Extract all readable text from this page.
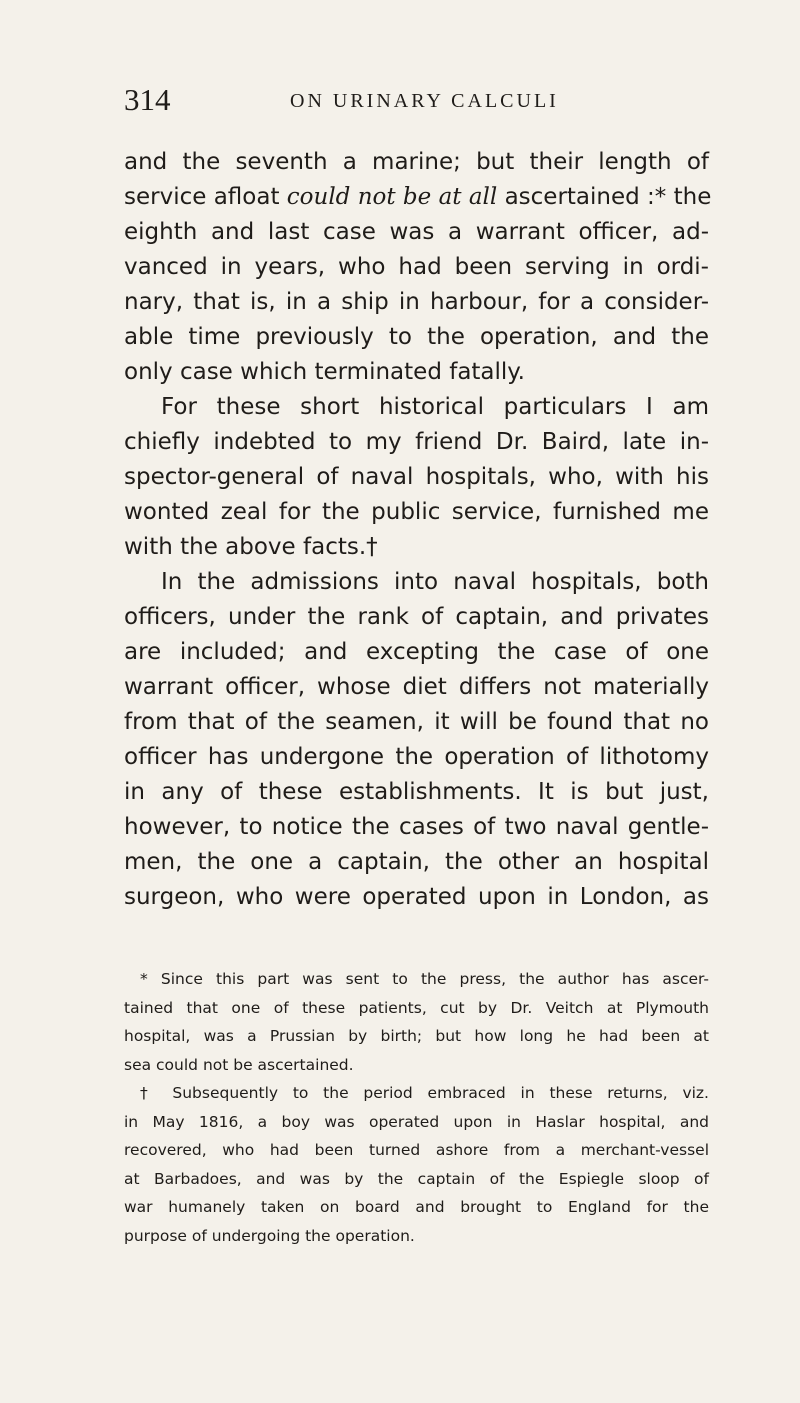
314	ON URINARY CALCULI
and the seventh a marine; but their length of
service afloat could not be at all ascertained :* the
eighth and last case was a warrant officer, ad-
vanced in years, who had been serving in ordi-
nary, that is, in a ship in harbour, for a consider-
able time previously to the operation, and the
only case which terminated fatally.
For these short historical particulars I am
chiefly indebted to my friend Dr. Baird, late in-
spector-general of naval hospitals, who, with his
wonted zeal for the public service, furnished me
with the above facts.†
In the admissions into naval hospitals, both
officers, under the rank of captain, and privates
are included; and excepting the case of one
warrant officer, whose diet differs not materially
from that of the seamen, it will be found that no
officer has undergone the operation of lithotomy
in any of these establishments. It is but just,
however, to notice the cases of two naval gentle-
men, the one a captain, the other an hospital
surgeon, who were operated upon in London, as
* Since this part was sent to the press, the author has ascer-
tained that one of these patients, cut by Dr. Veitch at Plymouth
hospital, was a Prussian by birth; but how long he had been at
sea could not be ascertained.
† Subsequently to the period embraced in these returns, viz.
in May 1816, a boy was operated upon in Haslar hospital, and
recovered, who had been turned ashore from a merchant-vessel
at Barbadoes, and was by the captain of the Espiegle sloop of
war humanely taken on board and brought to England for the
purpose of undergoing the operation.
